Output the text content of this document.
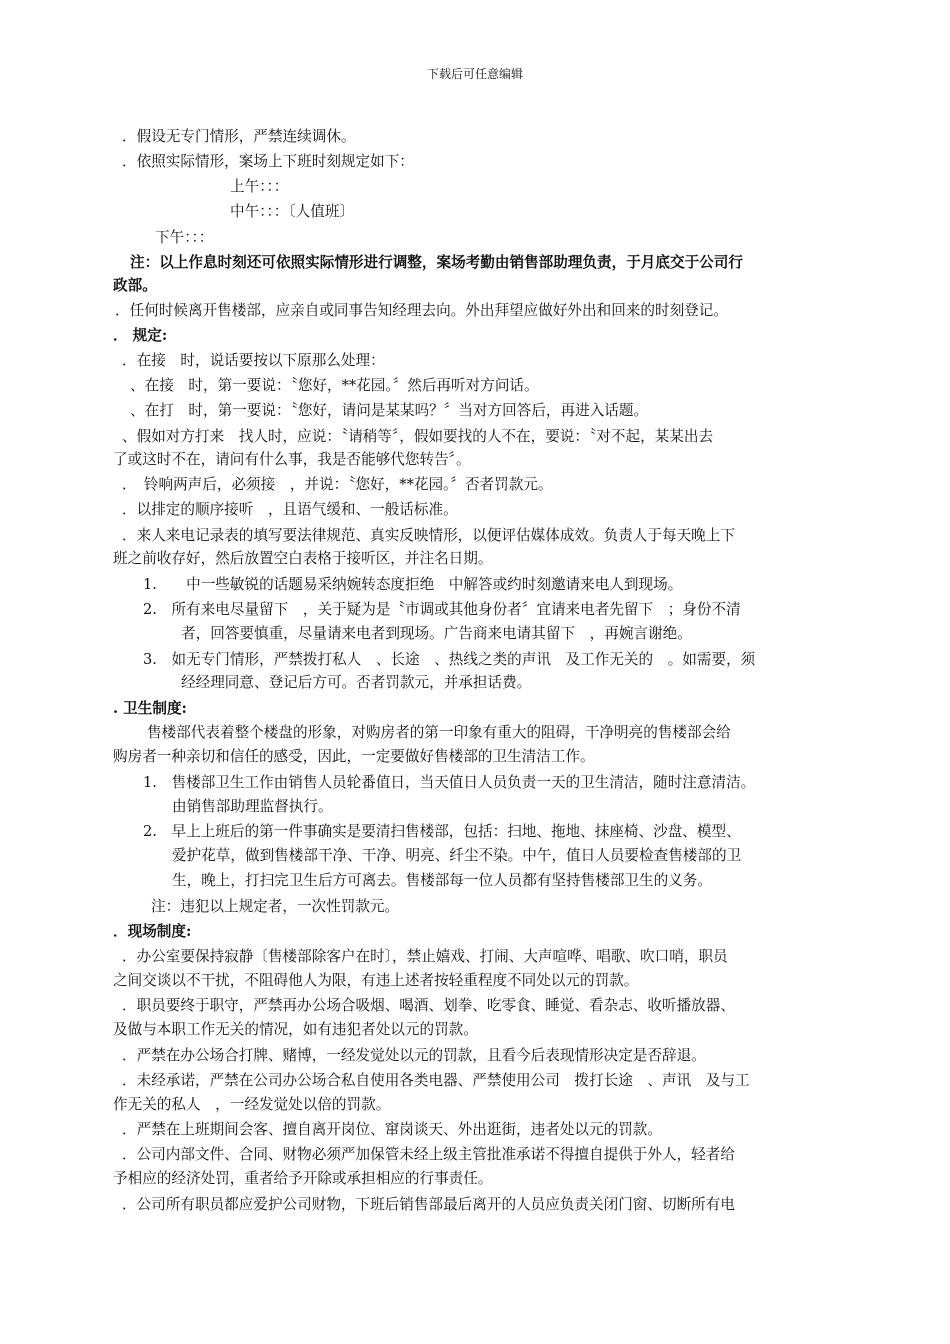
下载后可任意编辑
．假设无专门情形，严禁连续调休。
．依照实际情形，案场上下班时刻规定如下：
上午：：：
中午：：：〔人值班〕
下午：：：
注：以上作息时刻还可依照实际情形进行调整，案场考勤由销售部助理负责，于月底交于公司行
政部。
．任何时候离开售楼部，应亲自或同事告知经理去向。外出拜望应做好外出和回来的时刻登记。
． 规定:
．在接　时，说话要按以下原那么处理：
、在接　时，第一要说：〝您好，**花园。〞然后再听对方问话。
、在打　时，第一要说：〝您好，请问是某某吗？〞当对方回答后，再进入话题。
、假如对方打来　找人时，应说：〝请稍等〞，假如要找的人不在，要说：〝对不起，某某出去
了或这时不在，请问有什么事，我是否能够代您转告〞。
．　铃响两声后，必须接　，并说：〝您好，**花园。〞否者罚款元。
．以排定的顺序接听　，且语气缓和、一般话标准。
．来人来电记录表的填写要法律规范、真实反映情形，以便评估媒体成效。负责人于每天晚上下
班之前收存好，然后放置空白表格于接听区，并注名日期。
1.　　中一些敏锐的话题易采纳婉转态度拒绝　中解答或约时刻邀请来电人到现场。
2.　所有来电尽量留下　，关于疑为是〝市调或其他身份者〞宜请来电者先留下　；身份不清
者，回答要慎重，尽量请来电者到现场。广告商来电请其留下　，再婉言谢绝。
3.　如无专门情形，严禁拨打私人　、长途　、热线之类的声讯　及工作无关的　。如需要，须
经经理同意、登记后方可。否者罚款元，并承担话费。
. 卫生制度:
售楼部代表着整个楼盘的形象，对购房者的第一印象有重大的阻碍，干净明亮的售楼部会给
购房者一种亲切和信任的感受，因此，一定要做好售楼部的卫生清洁工作。
1.　售楼部卫生工作由销售人员轮番值日，当天值日人员负责一天的卫生清洁，随时注意清洁。
由销售部助理监督执行。
2.　早上上班后的第一件事确实是要清扫售楼部，包括：扫地、拖地、抹座椅、沙盘、模型、
爱护花草，做到售楼部干净、干净、明亮、纤尘不染。中午，值日人员要检查售楼部的卫
生，晚上，打扫完卫生后方可离去。售楼部每一位人员都有坚持售楼部卫生的义务。
注：违犯以上规定者，一次性罚款元。
．现场制度:
．办公室要保持寂静〔售楼部除客户在时〕，禁止嬉戏、打闹、大声喧哗、唱歌、吹口哨，职员
之间交谈以不干扰，不阻碍他人为限，有违上述者按轻重程度不同处以元的罚款。
．职员要终于职守，严禁再办公场合吸烟、喝酒、划拳、吃零食、睡觉、看杂志、收听播放器、
及做与本职工作无关的情况，如有违犯者处以元的罚款。
．严禁在办公场合打牌、赌博，一经发觉处以元的罚款，且看今后表现情形决定是否辞退。
．未经承诺，严禁在公司办公场合私自使用各类电器、严禁使用公司　拨打长途　、声讯　及与工
作无关的私人　，一经发觉处以倍的罚款。
．严禁在上班期间会客、擅自离开岗位、窜岗谈天、外出逛街，违者处以元的罚款。
．公司内部文件、合同、财物必须严加保管未经上级主管批准承诺不得擅自提供于外人，轻者给
予相应的经济处罚，重者给予开除或承担相应的行事责任。
．公司所有职员都应爱护公司财物，下班后销售部最后离开的人员应负责关闭门窗、切断所有电
